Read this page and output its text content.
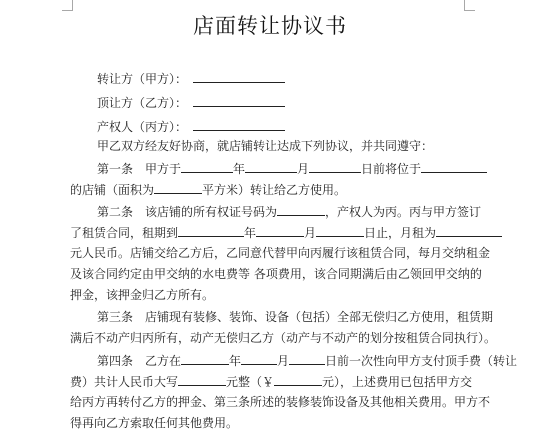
店面转让协议书
转让方（甲方）：
顶让方（乙方）：
产权人（丙方）：
甲乙双方经友好协商，就店铺转让达成下列协议，并共同遵守：
第一条　甲方于	年	月	日前将位于
的店铺（面积为	平方米）转让给乙方使用。
第二条　该店铺的所有权证号码为	，产权人为丙。丙与甲方签订
了租赁合同，租期到	年	月	日止，月租为
元人民币。店铺交给乙方后，乙同意代替甲向丙履行该租赁合同，每月交纳租金
及该合同约定由甲交纳的水电费等 各项费用，该合同期满后由乙领回甲交纳的
押金，该押金归乙方所有。
第三条　店铺现有装修、装饰、设备（包括）全部无偿归乙方使用，租赁期
满后不动产归丙所有，动产无偿归乙方（动产与不动产的划分按租赁合同执行）。
第四条　乙方在	年	月	日前一次性向甲方支付顶手费（转让
费）共计人民币大写	元整（￥	元），上述费用已包括甲方交
给丙方再转付乙方的押金、第三条所述的装修装饰设备及其他相关费用。甲方不
得再向乙方索取任何其他费用。
